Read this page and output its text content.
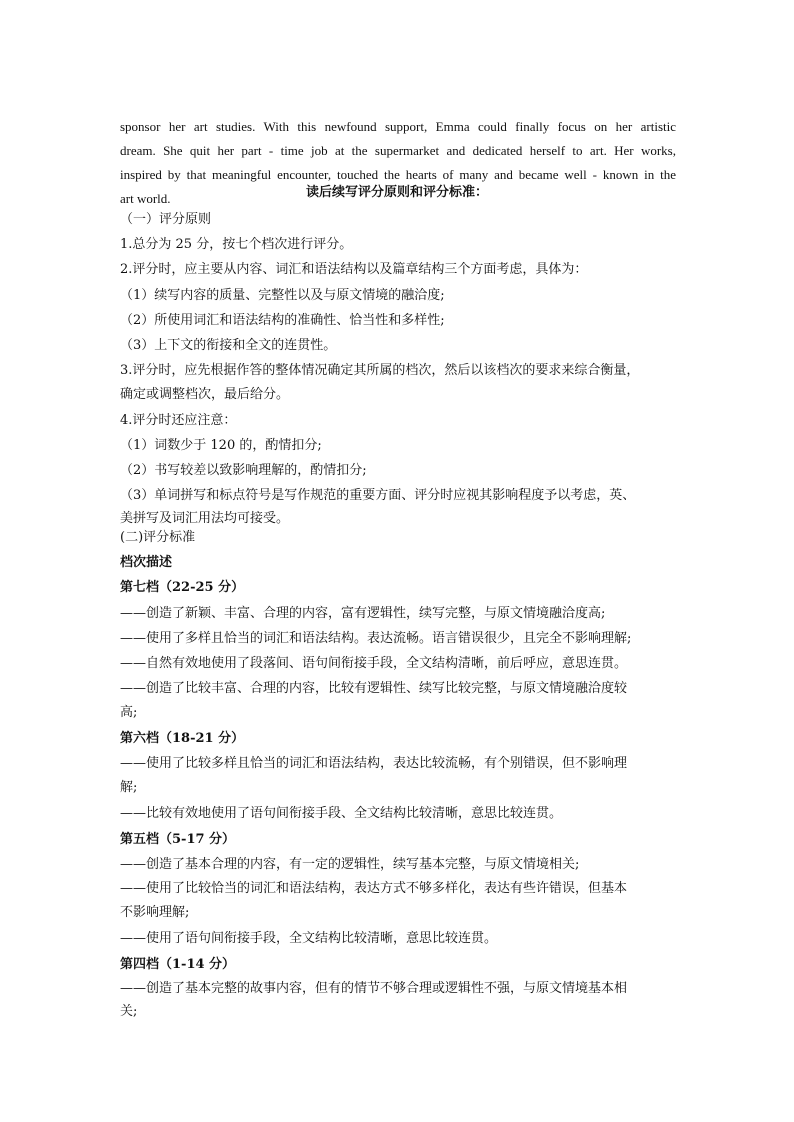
sponsor her art studies. With this newfound support, Emma could finally focus on her artistic
dream. She quit her part - time job at the supermarket and dedicated herself to art. Her works,
inspired by that meaningful encounter, touched the hearts of many and became well - known in the
art world.	读后续写评分原则和评分标准：
（一）评分原则
1.总分为 25 分，按七个档次进行评分。
2.评分时，应主要从内容、词汇和语法结构以及篇章结构三个方面考虑，具体为：
（1）续写内容的质量、完整性以及与原文情境的融洽度;
（2）所使用词汇和语法结构的准确性、恰当性和多样性;
（3）上下文的衔接和全文的连贯性。
3.评分时，应先根据作答的整体情况确定其所属的档次，然后以该档次的要求来综合衡量，
确定或调整档次，最后给分。
4.评分时还应注意：
（1）词数少于 120 的，酌情扣分;
（2）书写较差以致影响理解的，酌情扣分;
（3）单词拼写和标点符号是写作规范的重要方面、评分时应视其影响程度予以考虑，英、
美拼写及词汇用法均可接受。
(二)评分标准
档次描述
第七档（22-25 分）
——创造了新颖、丰富、合理的内容，富有逻辑性，续写完整，与原文情境融洽度高;
——使用了多样且恰当的词汇和语法结构。表达流畅。语言错误很少，且完全不影响理解;
——自然有效地使用了段落间、语句间衔接手段，全文结构清晰，前后呼应，意思连贯。
——创造了比较丰富、合理的内容，比较有逻辑性、续写比较完整，与原文情境融洽度较
高;
第六档（18-21 分）
——使用了比较多样且恰当的词汇和语法结构，表达比较流畅，有个别错误，但不影响理
解;
——比较有效地使用了语句间衔接手段、全文结构比较清晰，意思比较连贯。
第五档（5-17 分）
——创造了基本合理的内容，有一定的逻辑性，续写基本完整，与原文情境相关;
——使用了比较恰当的词汇和语法结构，表达方式不够多样化，表达有些许错误，但基本
不影响理解;
——使用了语句间衔接手段，全文结构比较清晰，意思比较连贯。
第四档（1-14 分）
——创造了基本完整的故事内容，但有的情节不够合理或逻辑性不强，与原文情境基本相
关;
